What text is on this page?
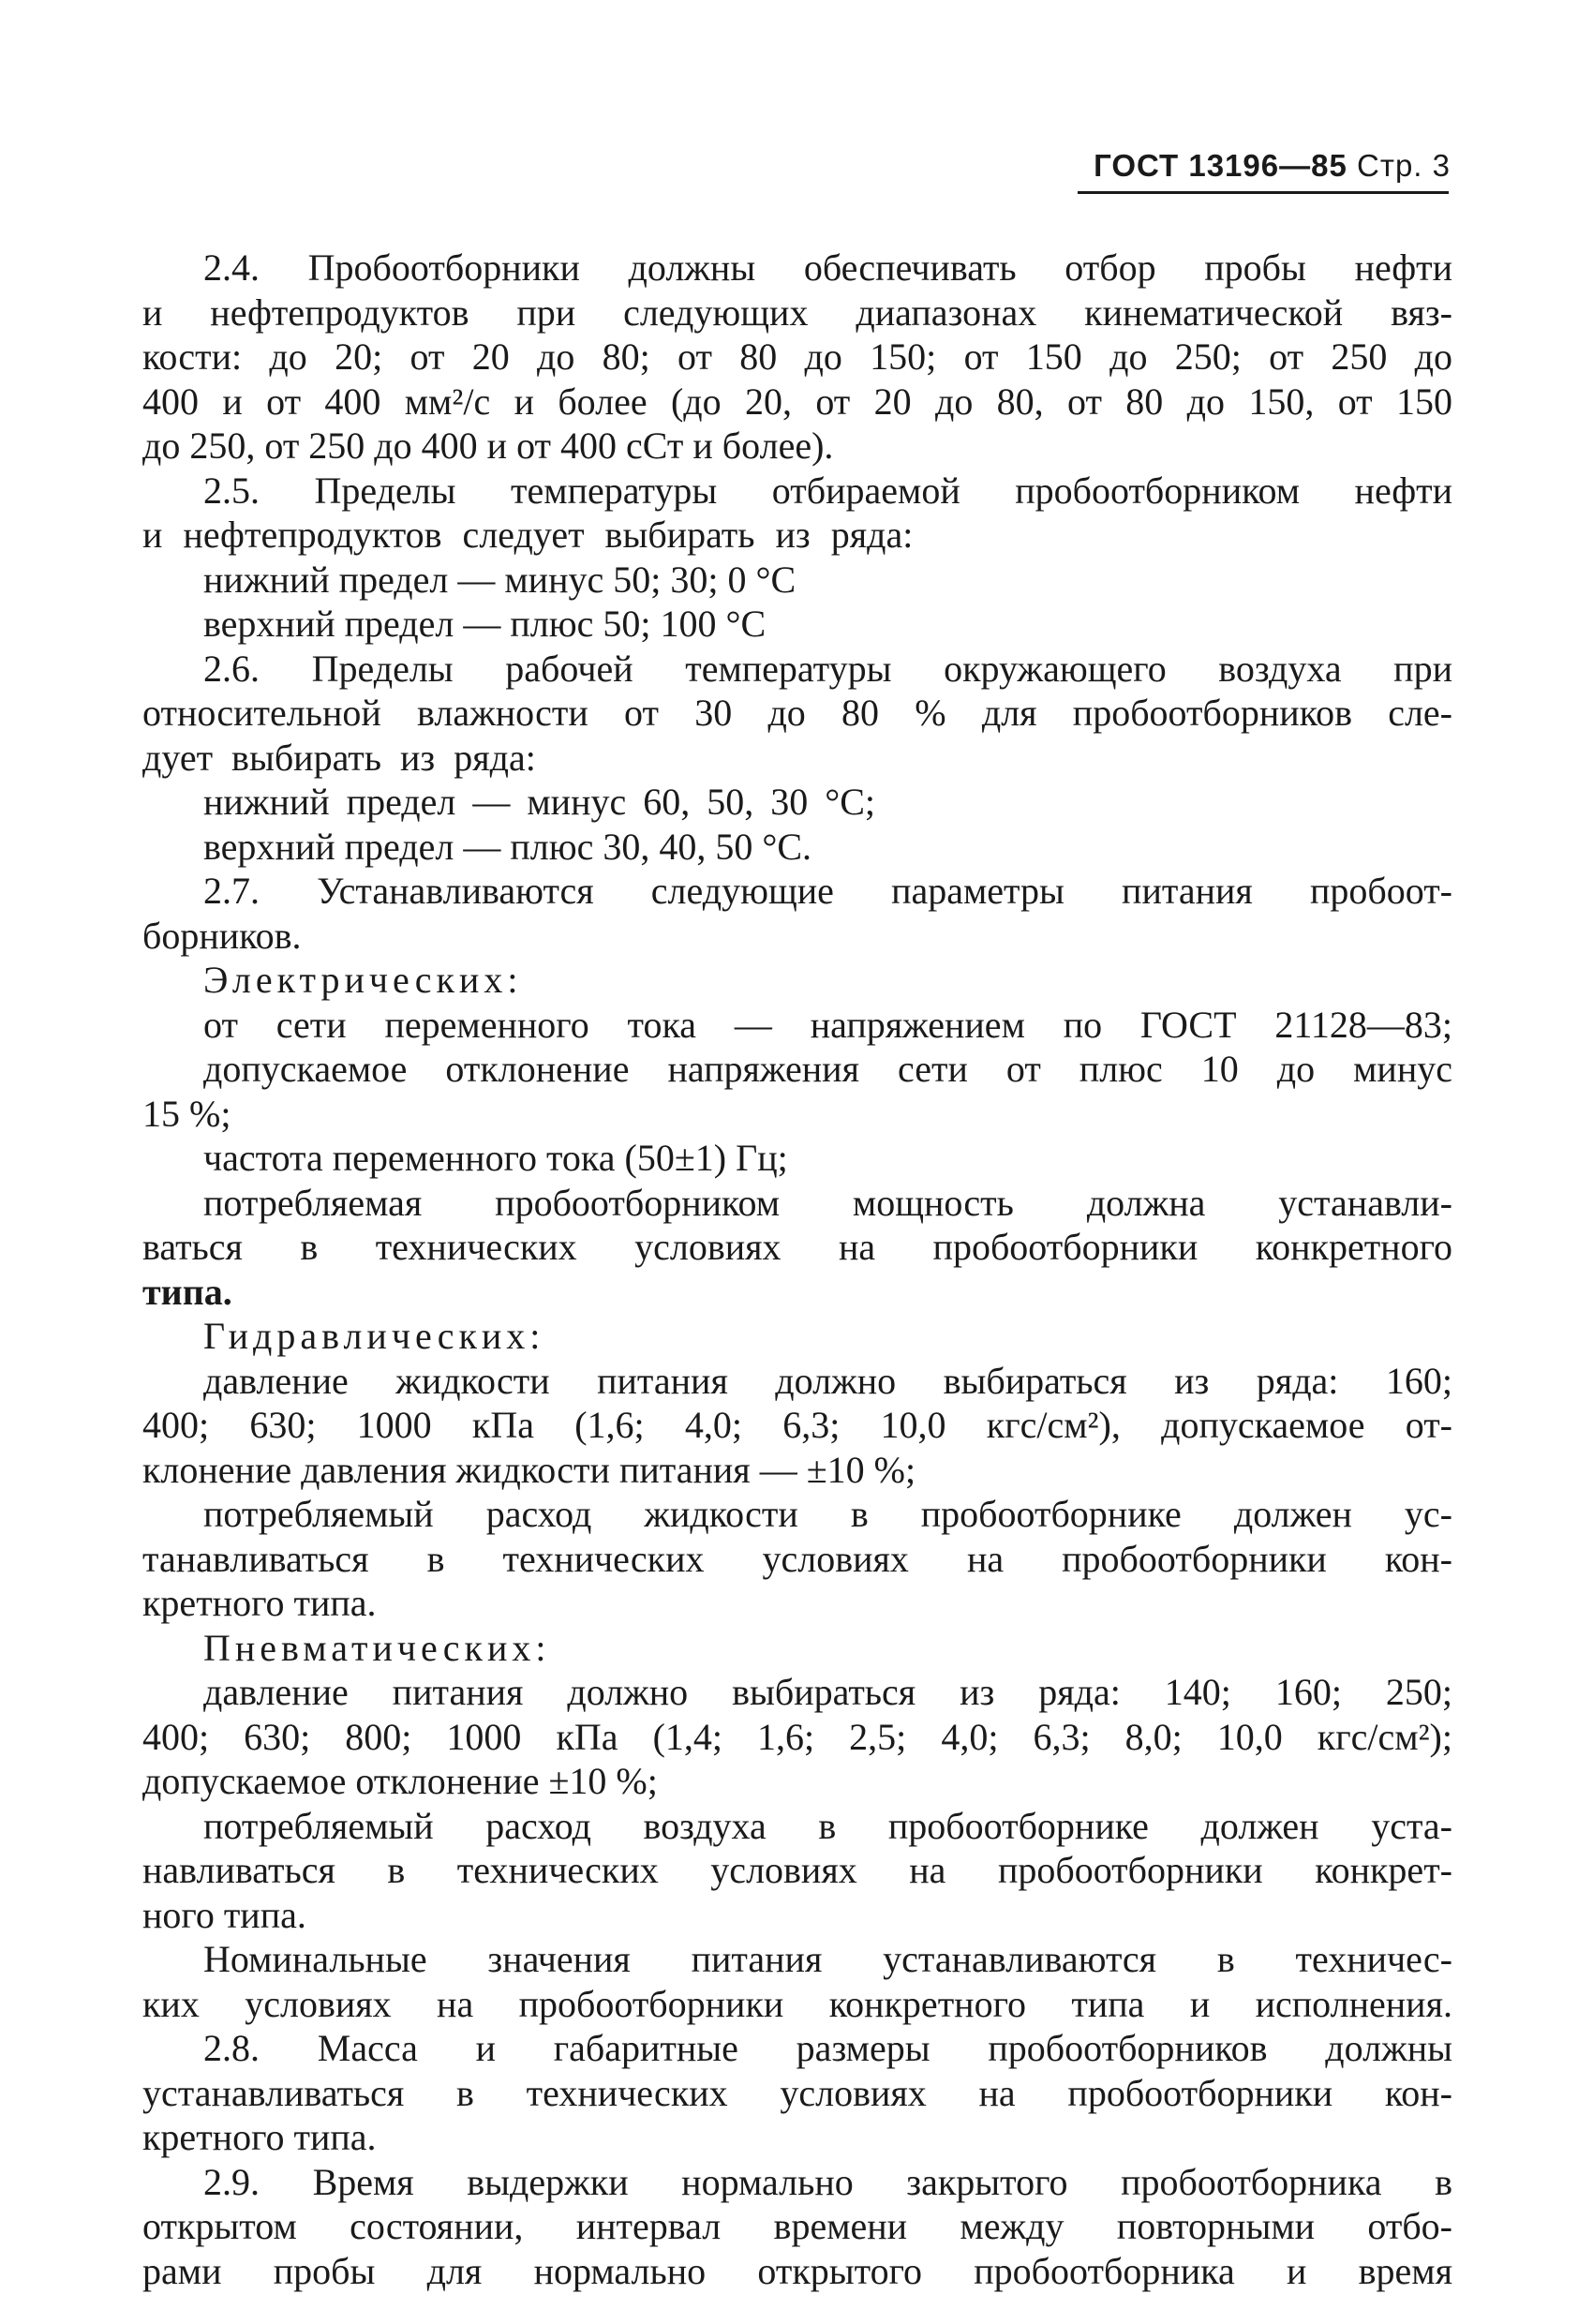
ГОСТ 13196—85 Стр. 3
2.4. Пробоотборники должны обеспечивать отбор пробы нефти
и нефтепродуктов при следующих диапазонах кинематической вяз-
кости: до 20; от 20 до 80; от 80 до 150; от 150 до 250; от 250 до
400 и от 400 мм²/с и более (до 20, от 20 до 80, от 80 до 150, от 150
до 250, от 250 до 400 и от 400 сСт и более).
2.5. Пределы температуры отбираемой пробоотборником нефти
и нефтепродуктов следует выбирать из ряда:
нижний предел — минус 50; 30; 0 °С
верхний предел — плюс 50; 100 °С
2.6. Пределы рабочей температуры окружающего воздуха при
относительной влажности от 30 до 80 % для пробоотборников сле-
дует выбирать из ряда:
нижний предел — минус 60, 50, 30 °С;
верхний предел — плюс 30, 40, 50 °С.
2.7. Устанавливаются следующие параметры питания пробоот-
борников.
Электрических:
от сети переменного тока — напряжением по ГОСТ 21128—83;
допускаемое отклонение напряжения сети от плюс 10 до минус
15 %;
частота переменного тока (50±1) Гц;
потребляемая пробоотборником мощность должна устанавли-
ваться в технических условиях на пробоотборники конкретного
типа.
Гидравлических:
давление жидкости питания должно выбираться из ряда: 160;
400; 630; 1000 кПа (1,6; 4,0; 6,3; 10,0 кгс/см²), допускаемое от-
клонение давления жидкости питания — ±10 %;
потребляемый расход жидкости в пробоотборнике должен ус-
танавливаться в технических условиях на пробоотборники кон-
кретного типа.
Пневматических:
давление питания должно выбираться из ряда: 140; 160; 250;
400; 630; 800; 1000 кПа (1,4; 1,6; 2,5; 4,0; 6,3; 8,0; 10,0 кгс/см²);
допускаемое отклонение ±10 %;
потребляемый расход воздуха в пробоотборнике должен уста-
навливаться в технических условиях на пробоотборники конкрет-
ного типа.
Номинальные значения питания устанавливаются в техничес-
ких условиях на пробоотборники конкретного типа и исполнения.
2.8. Масса и габаритные размеры пробоотборников должны
устанавливаться в технических условиях на пробоотборники кон-
кретного типа.
2.9. Время выдержки нормально закрытого пробоотборника в
открытом состоянии, интервал времени между повторными отбо-
рами пробы для нормально открытого пробоотборника и время
